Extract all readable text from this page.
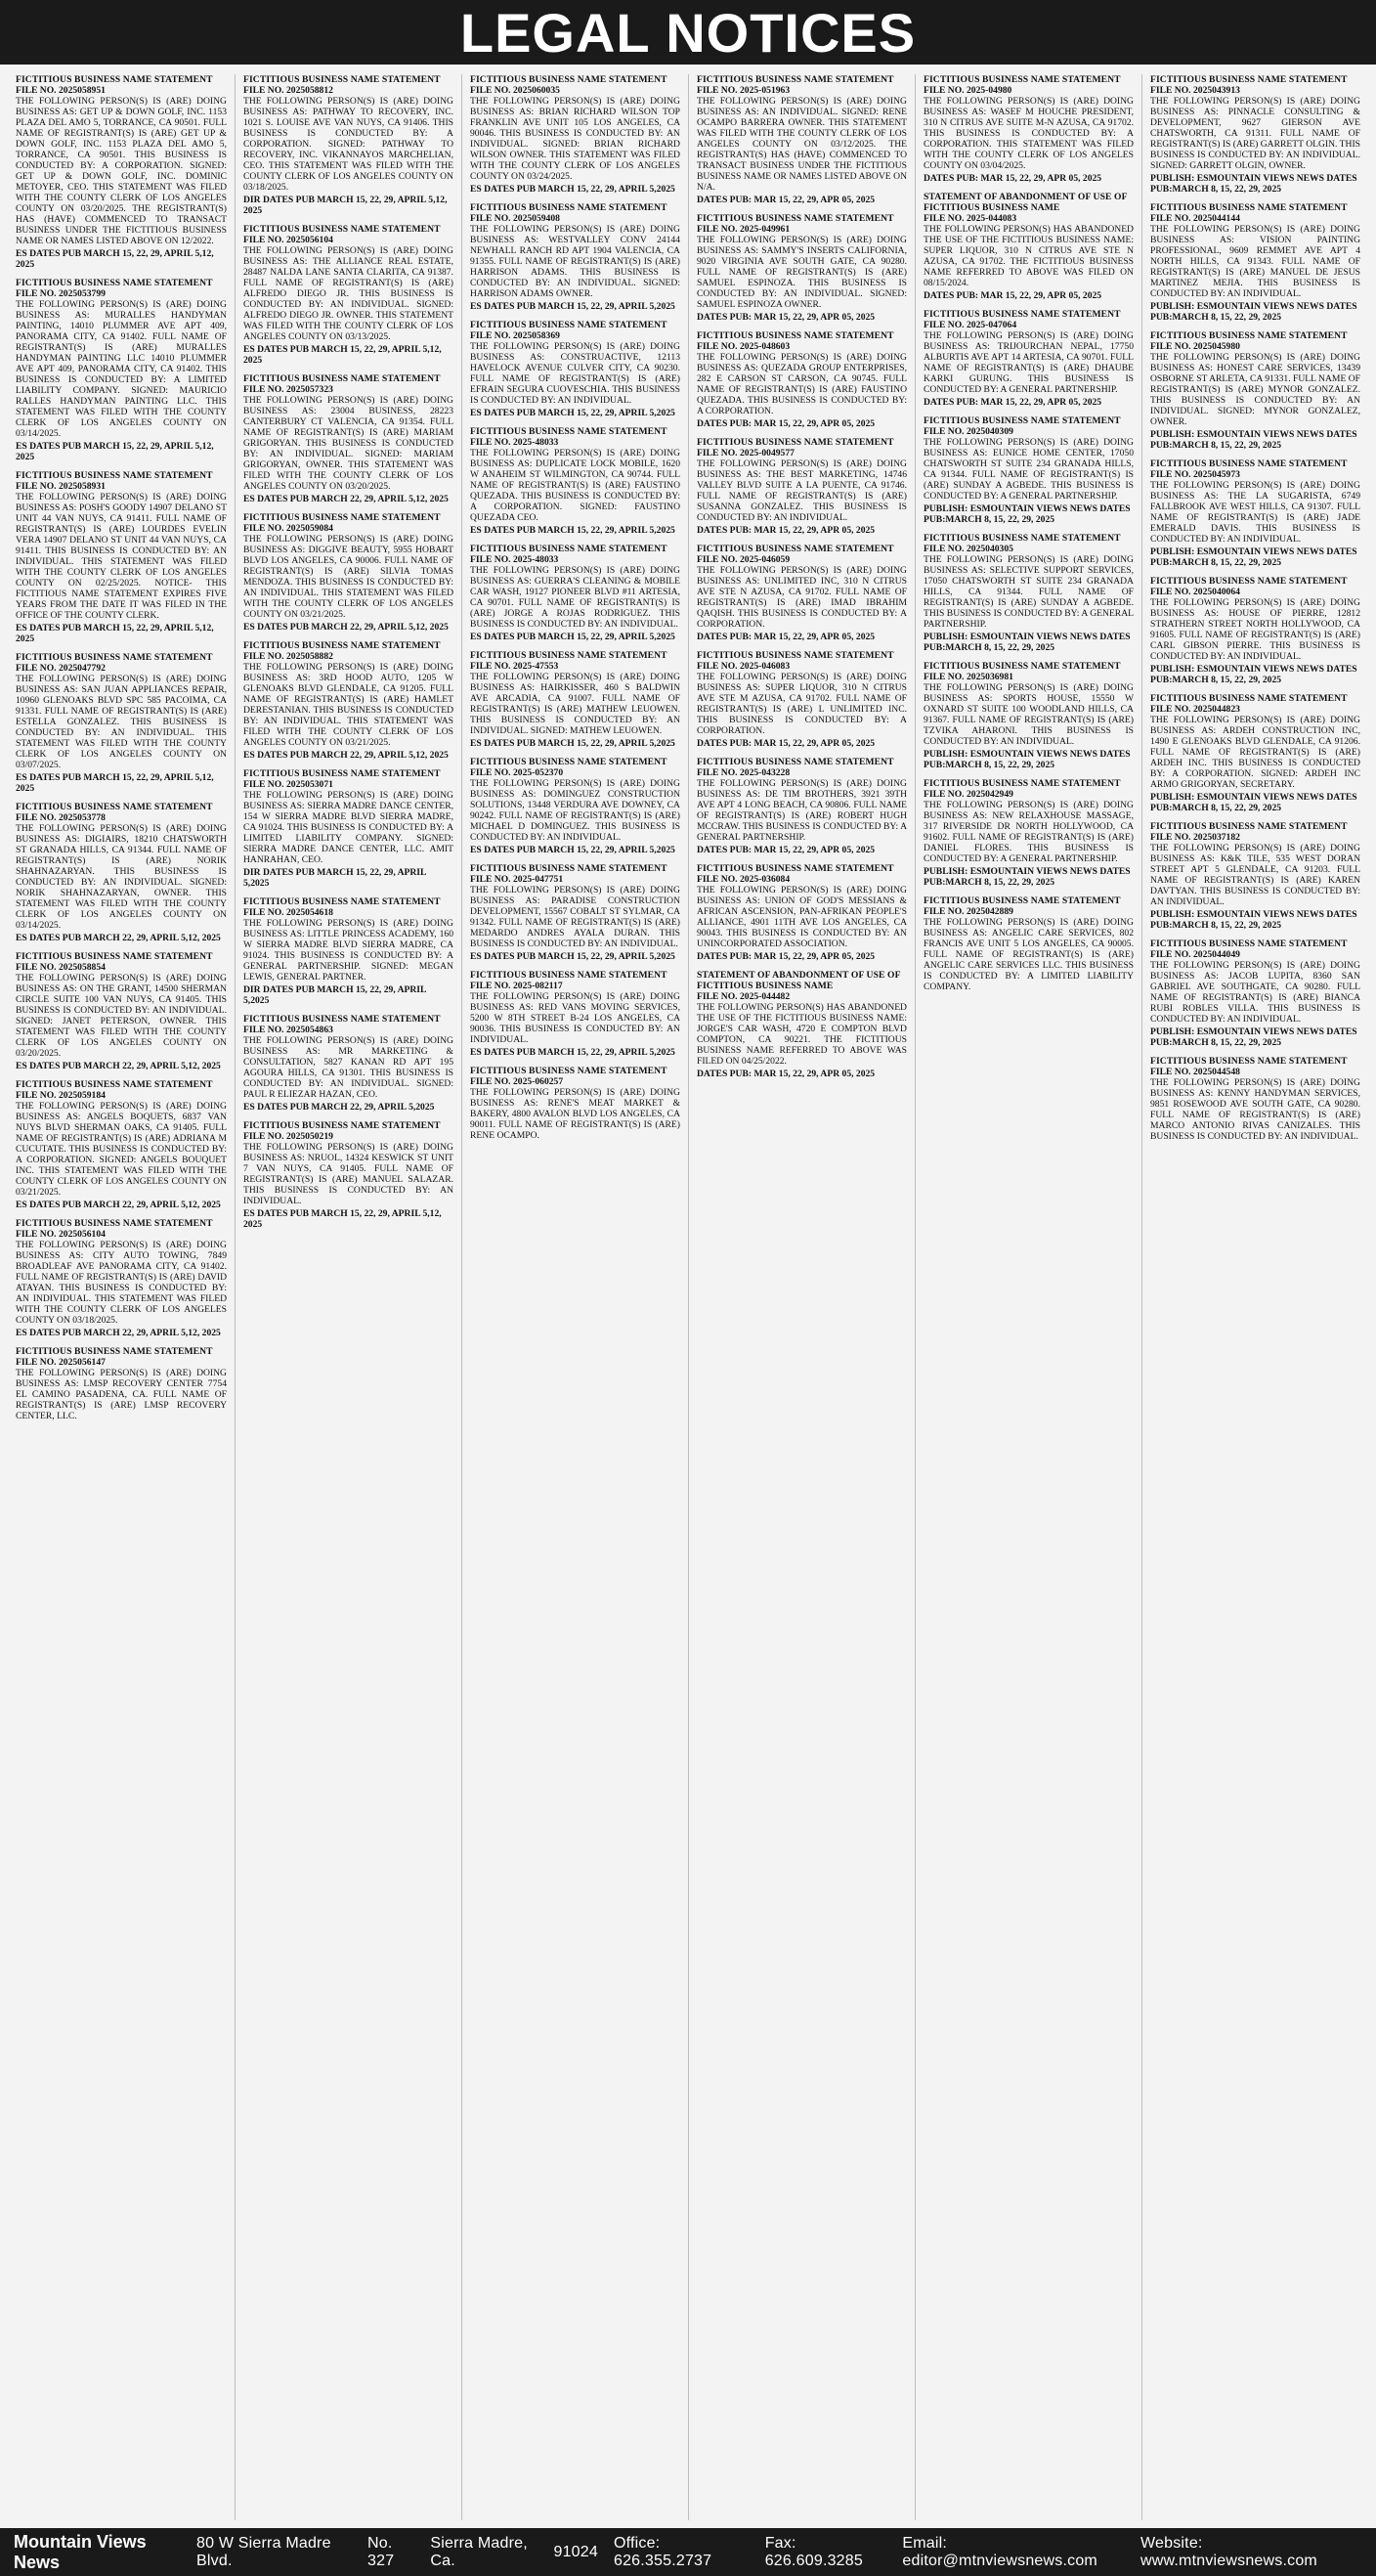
LEGAL NOTICES
FICTITIOUS BUSINESS NAME STATEMENT
FILE NO. 2025058951
THE FOLLOWING PERSON(S) IS (ARE) DOING BUSINESS AS: GET UP & DOWN GOLF, INC. 1153 PLAZA DEL AMO 5, TORRANCE, CA 90501. FULL NAME OF REGISTRANT(S) IS (ARE) GET UP & DOWN GOLF, INC. 1153 PLAZA DEL AMO 5, TORRANCE, CA 90501. THIS BUSINESS IS CONDUCTED BY: A CORPORATION. SIGNED: GET UP & DOWN GOLF, INC. DOMINIC METOYER, CEO. THIS STATEMENT WAS FILED WITH THE COUNTY CLERK OF LOS ANGELES COUNTY ON 03/20/2025. THE REGISTRANT(S) HAS (HAVE) COMMENCED TO TRANSACT BUSINESS UNDER THE FICTITIOUS BUSINESS NAME OR NAMES LISTED ABOVE ON 12/2022.
ES DATES PUB MARCH 15, 22, 29, APRIL 5,12, 2025
FICTITIOUS BUSINESS NAME STATEMENT
FILE NO. 2025053799
THE FOLLOWING PERSON(S) IS (ARE) DOING BUSINESS AS: MURALLES HANDYMAN PAINTING, 14010 PLUMMER AVE APT 409, PANORAMA CITY, CA 91402. FULL NAME OF REGISTRANT(S) IS (ARE) MURALLES HANDYMAN PAINTING LLC 14010 PLUMMER AVE APT 409, PANORAMA CITY, CA 91402. THIS BUSINESS IS CONDUCTED BY: A LIMITED LIABILITY COMPANY. SIGNED: MAURICIO RALLES HANDYMAN PAINTING LLC. THIS STATEMENT WAS FILED WITH THE COUNTY CLERK OF LOS ANGELES COUNTY ON 03/14/2025.
ES DATES PUB MARCH 15, 22, 29, APRIL 5,12, 2025
FICTITIOUS BUSINESS NAME STATEMENT
FILE NO. 2025058931
THE FOLLOWING PERSON(S) IS (ARE) DOING BUSINESS AS: POSH'S GOODY 14907 DELANO ST UNIT 44 VAN NUYS, CA 91411. FULL NAME OF REGISTRANT(S) IS (ARE) LOURDES EVELIN VERA 14907 DELANO ST UNIT 44 VAN NUYS, CA 91411. THIS BUSINESS IS CONDUCTED BY: AN INDIVIDUAL. THIS STATEMENT WAS FILED WITH THE COUNTY CLERK OF LOS ANGELES COUNTY ON 02/25/2025. NOTICE- THIS FICTITIOUS NAME STATEMENT EXPIRES FIVE YEARS FROM THE DATE IT WAS FILED IN THE OFFICE OF THE COUNTY CLERK.
ES DATES PUB MARCH 15, 22, 29, APRIL 5,12, 2025
FICTITIOUS BUSINESS NAME STATEMENT
FILE NO. 2025047792
THE FOLLOWING PERSON(S) IS (ARE) DOING BUSINESS AS: SAN JUAN APPLIANCES REPAIR, 10960 GLENOAKS BLVD SPC 585 PACOIMA, CA 91331. FULL NAME OF REGISTRANT(S) IS (ARE) ESTELLA GONZALEZ. THIS BUSINESS IS CONDUCTED BY: AN INDIVIDUAL. THIS STATEMENT WAS FILED WITH THE COUNTY CLERK OF LOS ANGELES COUNTY ON 03/07/2025.
ES DATES PUB MARCH 15, 22, 29, APRIL 5,12, 2025
FICTITIOUS BUSINESS NAME STATEMENT
FILE NO. 2025053778
THE FOLLOWING PERSON(S) IS (ARE) DOING BUSINESS AS: DIGIAIRS, 18210 CHATSWORTH ST GRANADA HILLS, CA 91344. FULL NAME OF REGISTRANT(S) IS (ARE) NORIK SHAHNAZARYAN. THIS BUSINESS IS CONDUCTED BY: AN INDIVIDUAL. SIGNED: NORIK SHAHNAZARYAN, OWNER. THIS STATEMENT WAS FILED WITH THE COUNTY CLERK OF LOS ANGELES COUNTY ON 03/14/2025.
ES DATES PUB MARCH 22, 29, APRIL 5,12, 2025
FICTITIOUS BUSINESS NAME STATEMENT
FILE NO. 2025058854
THE FOLLOWING PERSON(S) IS (ARE) DOING BUSINESS AS: ON THE GRANT, 14500 SHERMAN CIRCLE SUITE 100 VAN NUYS, CA 91405. THIS BUSINESS IS CONDUCTED BY: AN INDIVIDUAL. SIGNED: JANET PETERSON, OWNER. THIS STATEMENT WAS FILED WITH THE COUNTY CLERK OF LOS ANGELES COUNTY ON 03/20/2025.
ES DATES PUB MARCH 22, 29, APRIL 5,12, 2025
FICTITIOUS BUSINESS NAME STATEMENT
FILE NO. 2025059184
THE FOLLOWING PERSON(S) IS (ARE) DOING BUSINESS AS: ANGELS BOQUETS, 6837 VAN NUYS BLVD SHERMAN OAKS, CA 91405. FULL NAME OF REGISTRANT(S) IS (ARE) ADRIANA M CUCUTATE. THIS BUSINESS IS CONDUCTED BY: A CORPORATION. SIGNED: ANGELS BOUQUET INC. THIS STATEMENT WAS FILED WITH THE COUNTY CLERK OF LOS ANGELES COUNTY ON 03/21/2025.
ES DATES PUB MARCH 22, 29, APRIL 5,12, 2025
FICTITIOUS BUSINESS NAME STATEMENT
FILE NO. 2025056104
THE FOLLOWING PERSON(S) IS (ARE) DOING BUSINESS AS: CITY AUTO TOWING, 7849 BROADLEAF AVE PANORAMA CITY, CA 91402. FULL NAME OF REGISTRANT(S) IS (ARE) DAVID ATAYAN. THIS BUSINESS IS CONDUCTED BY: AN INDIVIDUAL. THIS STATEMENT WAS FILED WITH THE COUNTY CLERK OF LOS ANGELES COUNTY ON 03/18/2025.
ES DATES PUB MARCH 22, 29, APRIL 5,12, 2025
FICTITIOUS BUSINESS NAME STATEMENT
FILE NO. 2025056147
THE FOLLOWING PERSON(S) IS (ARE) DOING BUSINESS AS: LMSP RECOVERY CENTER 7754 EL CAMINO PASADENA, CA. FULL NAME OF REGISTRANT(S) IS (ARE) LMSP RECOVERY CENTER, LLC.
FICTITIOUS BUSINESS NAME STATEMENT
FILE NO. 2025058812
THE FOLLOWING PERSON(S) IS (ARE) DOING BUSINESS AS: PATHWAY TO RECOVERY, INC. 1021 S. LOUISE AVE VAN NUYS, CA 91406. THIS BUSINESS IS CONDUCTED BY: A CORPORATION. SIGNED: PATHWAY TO RECOVERY, INC. VIKANNAYOS MARCHELIAN, CEO. THIS STATEMENT WAS FILED WITH THE COUNTY CLERK OF LOS ANGELES COUNTY ON 03/18/2025.
DIR DATES PUB MARCH 15, 22, 29, APRIL 5,12, 2025
FICTITIOUS BUSINESS NAME STATEMENT
FILE NO. 2025056104
THE FOLLOWING PERSON(S) IS (ARE) DOING BUSINESS AS: THE ALLIANCE REAL ESTATE, 28487 NALDA LANE SANTA CLARITA, CA 91387. FULL NAME OF REGISTRANT(S) IS (ARE) ALFREDO DIEGO JR. THIS BUSINESS IS CONDUCTED BY: AN INDIVIDUAL. SIGNED: ALFREDO DIEGO JR. OWNER. THIS STATEMENT WAS FILED WITH THE COUNTY CLERK OF LOS ANGELES COUNTY ON 03/13/2025.
ES DATES PUB MARCH 15, 22, 29, APRIL 5,12, 2025
FICTITIOUS BUSINESS NAME STATEMENT
FILE NO. 2025057323
THE FOLLOWING PERSON(S) IS (ARE) DOING BUSINESS AS: 23004 BUSINESS, 28223 CANTERBURY CT VALENCIA, CA 91354. FULL NAME OF REGISTRANT(S) IS (ARE) MARIAM GRIGORYAN. THIS BUSINESS IS CONDUCTED BY: AN INDIVIDUAL. SIGNED: MARIAM GRIGORYAN, OWNER. THIS STATEMENT WAS FILED WITH THE COUNTY CLERK OF LOS ANGELES COUNTY ON 03/20/2025.
ES DATES PUB MARCH 22, 29, APRIL 5,12, 2025
FICTITIOUS BUSINESS NAME STATEMENT
FILE NO. 2025059084
THE FOLLOWING PERSON(S) IS (ARE) DOING BUSINESS AS: DIGGIVE BEAUTY, 5955 HOBART BLVD LOS ANGELES, CA 90006. FULL NAME OF REGISTRANT(S) IS (ARE) SILVIA TOMAS MENDOZA. THIS BUSINESS IS CONDUCTED BY: AN INDIVIDUAL. THIS STATEMENT WAS FILED WITH THE COUNTY CLERK OF LOS ANGELES COUNTY ON 03/21/2025.
ES DATES PUB MARCH 22, 29, APRIL 5,12, 2025
FICTITIOUS BUSINESS NAME STATEMENT
FILE NO. 2025058882
THE FOLLOWING PERSON(S) IS (ARE) DOING BUSINESS AS: 3RD HOOD AUTO, 1205 W GLENOAKS BLVD GLENDALE, CA 91205. FULL NAME OF REGISTRANT(S) IS (ARE) HAMLET DERESTANIAN. THIS BUSINESS IS CONDUCTED BY: AN INDIVIDUAL. THIS STATEMENT WAS FILED WITH THE COUNTY CLERK OF LOS ANGELES COUNTY ON 03/21/2025.
ES DATES PUB MARCH 22, 29, APRIL 5,12, 2025
FICTITIOUS BUSINESS NAME STATEMENT
FILE NO. 2025053071
THE FOLLOWING PERSON(S) IS (ARE) DOING BUSINESS AS: SIERRA MADRE DANCE CENTER, 154 W SIERRA MADRE BLVD SIERRA MADRE, CA 91024. THIS BUSINESS IS CONDUCTED BY: A LIMITED LIABILITY COMPANY. SIGNED: SIERRA MADRE DANCE CENTER, LLC. AMIT HANRAHAN, CEO.
DIR DATES PUB MARCH 15, 22, 29, APRIL 5,2025
FICTITIOUS BUSINESS NAME STATEMENT
FILE NO. 2025054618
THE FOLLOWING PERSON(S) IS (ARE) DOING BUSINESS AS: LITTLE PRINCESS ACADEMY, 160 W SIERRA MADRE BLVD SIERRA MADRE, CA 91024. THIS BUSINESS IS CONDUCTED BY: A GENERAL PARTNERSHIP. SIGNED: MEGAN LEWIS, GENERAL PARTNER.
DIR DATES PUB MARCH 15, 22, 29, APRIL 5,2025
FICTITIOUS BUSINESS NAME STATEMENT
FILE NO. 2025054863
THE FOLLOWING PERSON(S) IS (ARE) DOING BUSINESS AS: MR MARKETING & CONSULTATION, 5827 KANAN RD APT 195 AGOURA HILLS, CA 91301. THIS BUSINESS IS CONDUCTED BY: AN INDIVIDUAL. SIGNED: PAUL R ELIEZAR HAZAN, CEO.
ES DATES PUB MARCH 22, 29, APRIL 5,2025
FICTITIOUS BUSINESS NAME STATEMENT
FILE NO. 2025050219
THE FOLLOWING PERSON(S) IS (ARE) DOING BUSINESS AS: NRUOL, 14324 KESWICK ST UNIT 7 VAN NUYS, CA 91405. FULL NAME OF REGISTRANT(S) IS (ARE) MANUEL SALAZAR. THIS BUSINESS IS CONDUCTED BY: AN INDIVIDUAL.
ES DATES PUB MARCH 15, 22, 29, APRIL 5,12, 2025
FICTITIOUS BUSINESS NAME STATEMENT
FILE NO. 2025060035
THE FOLLOWING PERSON(S) IS (ARE) DOING BUSINESS AS: BRIAN RICHARD WILSON TOP FRANKLIN AVE UNIT 105 LOS ANGELES, CA 90046. THIS BUSINESS IS CONDUCTED BY: AN INDIVIDUAL. SIGNED: BRIAN RICHARD WILSON OWNER. THIS STATEMENT WAS FILED WITH THE COUNTY CLERK OF LOS ANGELES COUNTY ON 03/24/2025.
ES DATES PUB MARCH 15, 22, 29, APRIL 5,2025
FICTITIOUS BUSINESS NAME STATEMENT
FILE NO. 2025059408
THE FOLLOWING PERSON(S) IS (ARE) DOING BUSINESS AS: WESTVALLEY CONV 24144 NEWHALL RANCH RD APT 1904 VALENCIA, CA 91355. FULL NAME OF REGISTRANT(S) IS (ARE) HARRISON ADAMS. THIS BUSINESS IS CONDUCTED BY: AN INDIVIDUAL. SIGNED: HARRISON ADAMS OWNER.
ES DATES PUB MARCH 15, 22, 29, APRIL 5,2025
FICTITIOUS BUSINESS NAME STATEMENT
FILE NO. 2025058369
THE FOLLOWING PERSON(S) IS (ARE) DOING BUSINESS AS: CONSTRUACTIVE, 12113 HAVELOCK AVENUE CULVER CITY, CA 90230. FULL NAME OF REGISTRANT(S) IS (ARE) EFRAIN SEGURA CUOVESCHIA. THIS BUSINESS IS CONDUCTED BY: AN INDIVIDUAL.
ES DATES PUB MARCH 15, 22, 29, APRIL 5,2025
FICTITIOUS BUSINESS NAME STATEMENT
FILE NO. 2025-48033
THE FOLLOWING PERSON(S) IS (ARE) DOING BUSINESS AS: DUPLICATE LOCK MOBILE, 1620 W ANAHEIM ST WILMINGTON, CA 90744. FULL NAME OF REGISTRANT(S) IS (ARE) FAUSTINO QUEZADA. THIS BUSINESS IS CONDUCTED BY: A CORPORATION. SIGNED: FAUSTINO QUEZADA CEO.
ES DATES PUB MARCH 15, 22, 29, APRIL 5,2025
FICTITIOUS BUSINESS NAME STATEMENT
FILE NO. 2025-48033
THE FOLLOWING PERSON(S) IS (ARE) DOING BUSINESS AS: GUERRA'S CLEANING & MOBILE CAR WASH, 19127 PIONEER BLVD #11 ARTESIA, CA 90701. FULL NAME OF REGISTRANT(S) IS (ARE) JORGE A ROJAS RODRIGUEZ. THIS BUSINESS IS CONDUCTED BY: AN INDIVIDUAL.
ES DATES PUB MARCH 15, 22, 29, APRIL 5,2025
FICTITIOUS BUSINESS NAME STATEMENT
FILE NO. 2025-47553
THE FOLLOWING PERSON(S) IS (ARE) DOING BUSINESS AS: HAIRKISSER, 460 S BALDWIN AVE ARCADIA, CA 91007. FULL NAME OF REGISTRANT(S) IS (ARE) MATHEW LEUOWEN. THIS BUSINESS IS CONDUCTED BY: AN INDIVIDUAL. SIGNED: MATHEW LEUOWEN.
ES DATES PUB MARCH 15, 22, 29, APRIL 5,2025
FICTITIOUS BUSINESS NAME STATEMENT
FILE NO. 2025-052370
THE FOLLOWING PERSON(S) IS (ARE) DOING BUSINESS AS: DOMINGUEZ CONSTRUCTION SOLUTIONS, 13448 VERDURA AVE DOWNEY, CA 90242. FULL NAME OF REGISTRANT(S) IS (ARE) MICHAEL D DOMINGUEZ. THIS BUSINESS IS CONDUCTED BY: AN INDIVIDUAL.
ES DATES PUB MARCH 15, 22, 29, APRIL 5,2025
FICTITIOUS BUSINESS NAME STATEMENT
FILE NO. 2025-047751
THE FOLLOWING PERSON(S) IS (ARE) DOING BUSINESS AS: PARADISE CONSTRUCTION DEVELOPMENT, 15567 COBALT ST SYLMAR, CA 91342. FULL NAME OF REGISTRANT(S) IS (ARE) MEDARDO ANDRES AYALA DURAN. THIS BUSINESS IS CONDUCTED BY: AN INDIVIDUAL.
ES DATES PUB MARCH 15, 22, 29, APRIL 5,2025
FICTITIOUS BUSINESS NAME STATEMENT
FILE NO. 2025-082117
THE FOLLOWING PERSON(S) IS (ARE) DOING BUSINESS AS: RED VANS MOVING SERVICES, 5200 W 8TH STREET B-24 LOS ANGELES, CA 90036. THIS BUSINESS IS CONDUCTED BY: AN INDIVIDUAL.
ES DATES PUB MARCH 15, 22, 29, APRIL 5,2025
FICTITIOUS BUSINESS NAME STATEMENT
FILE NO. 2025-060257
THE FOLLOWING PERSON(S) IS (ARE) DOING BUSINESS AS: RENE'S MEAT MARKET & BAKERY, 4800 AVALON BLVD LOS ANGELES, CA 90011. FULL NAME OF REGISTRANT(S) IS (ARE) RENE OCAMPO.
FICTITIOUS BUSINESS NAME STATEMENT
FILE NO. 2025-051963
THE FOLLOWING PERSON(S) IS (ARE) DOING BUSINESS AS: AN INDIVIDUAL. SIGNED: RENE OCAMPO BARRERA OWNER. THIS STATEMENT WAS FILED WITH THE COUNTY CLERK OF LOS ANGELES COUNTY ON 03/12/2025. THE REGISTRANT(S) HAS (HAVE) COMMENCED TO TRANSACT BUSINESS UNDER THE FICTITIOUS BUSINESS NAME OR NAMES LISTED ABOVE ON N/A.
DATES PUB: MAR 15, 22, 29, APR 05, 2025
FICTITIOUS BUSINESS NAME STATEMENT
FILE NO. 2025-049961
THE FOLLOWING PERSON(S) IS (ARE) DOING BUSINESS AS: SAMMY'S INSERTS CALIFORNIA, 9020 VIRGINIA AVE SOUTH GATE, CA 90280. FULL NAME OF REGISTRANT(S) IS (ARE) SAMUEL ESPINOZA. THIS BUSINESS IS CONDUCTED BY: AN INDIVIDUAL. SIGNED: SAMUEL ESPINOZA OWNER.
DATES PUB: MAR 15, 22, 29, APR 05, 2025
FICTITIOUS BUSINESS NAME STATEMENT
FILE NO. 2025-048603
THE FOLLOWING PERSON(S) IS (ARE) DOING BUSINESS AS: QUEZADA GROUP ENTERPRISES, 282 E CARSON ST CARSON, CA 90745. FULL NAME OF REGISTRANT(S) IS (ARE) FAUSTINO QUEZADA. THIS BUSINESS IS CONDUCTED BY: A CORPORATION.
DATES PUB: MAR 15, 22, 29, APR 05, 2025
FICTITIOUS BUSINESS NAME STATEMENT
FILE NO. 2025-0049577
THE FOLLOWING PERSON(S) IS (ARE) DOING BUSINESS AS: THE BEST MARKETING, 14746 VALLEY BLVD SUITE A LA PUENTE, CA 91746. FULL NAME OF REGISTRANT(S) IS (ARE) SUSANNA GONZALEZ. THIS BUSINESS IS CONDUCTED BY: AN INDIVIDUAL.
DATES PUB: MAR 15, 22, 29, APR 05, 2025
FICTITIOUS BUSINESS NAME STATEMENT
FILE NO. 2025-046059
THE FOLLOWING PERSON(S) IS (ARE) DOING BUSINESS AS: UNLIMITED INC, 310 N CITRUS AVE STE N AZUSA, CA 91702. FULL NAME OF REGISTRANT(S) IS (ARE) IMAD IBRAHIM QAQISH. THIS BUSINESS IS CONDUCTED BY: A CORPORATION.
DATES PUB: MAR 15, 22, 29, APR 05, 2025
FICTITIOUS BUSINESS NAME STATEMENT
FILE NO. 2025-046083
THE FOLLOWING PERSON(S) IS (ARE) DOING BUSINESS AS: SUPER LIQUOR, 310 N CITRUS AVE STE M AZUSA, CA 91702. FULL NAME OF REGISTRANT(S) IS (ARE) L UNLIMITED INC. THIS BUSINESS IS CONDUCTED BY: A CORPORATION.
DATES PUB: MAR 15, 22, 29, APR 05, 2025
FICTITIOUS BUSINESS NAME STATEMENT
FILE NO. 2025-043228
THE FOLLOWING PERSON(S) IS (ARE) DOING BUSINESS AS: DE TIM BROTHERS, 3921 39TH AVE APT 4 LONG BEACH, CA 90806. FULL NAME OF REGISTRANT(S) IS (ARE) ROBERT HUGH MCCRAW. THIS BUSINESS IS CONDUCTED BY: A GENERAL PARTNERSHIP.
DATES PUB: MAR 15, 22, 29, APR 05, 2025
FICTITIOUS BUSINESS NAME STATEMENT
FILE NO. 2025-036084
THE FOLLOWING PERSON(S) IS (ARE) DOING BUSINESS AS: UNION OF GOD'S MESSIANS & AFRICAN ASCENSION, PAN-AFRIKAN PEOPLE'S ALLIANCE, 4901 11TH AVE LOS ANGELES, CA 90043. THIS BUSINESS IS CONDUCTED BY: AN UNINCORPORATED ASSOCIATION.
DATES PUB: MAR 15, 22, 29, APR 05, 2025
STATEMENT OF ABANDONMENT OF USE OF FICTITIOUS BUSINESS NAME
FILE NO. 2025-044482
THE FOLLOWING PERSON(S) HAS ABANDONED THE USE OF THE FICTITIOUS BUSINESS NAME: JORGE'S CAR WASH, 4720 E COMPTON BLVD COMPTON, CA 90221. THE FICTITIOUS BUSINESS NAME REFERRED TO ABOVE WAS FILED ON 04/25/2022.
DATES PUB: MAR 15, 22, 29, APR 05, 2025
FICTITIOUS BUSINESS NAME STATEMENT
FILE NO. 2025-04980
THE FOLLOWING PERSON(S) IS (ARE) DOING BUSINESS AS: WASEF M HOUCHE PRESIDENT, 310 N CITRUS AVE SUITE M-N AZUSA, CA 91702. THIS BUSINESS IS CONDUCTED BY: A CORPORATION. THIS STATEMENT WAS FILED WITH THE COUNTY CLERK OF LOS ANGELES COUNTY ON 03/04/2025.
DATES PUB: MAR 15, 22, 29, APR 05, 2025
STATEMENT OF ABANDONMENT OF USE OF FICTITIOUS BUSINESS NAME
FILE NO. 2025-044083
THE FOLLOWING PERSON(S) HAS ABANDONED THE USE OF THE FICTITIOUS BUSINESS NAME: SUPER LIQUOR, 310 N CITRUS AVE STE N AZUSA, CA 91702. THE FICTITIOUS BUSINESS NAME REFERRED TO ABOVE WAS FILED ON 08/15/2024.
DATES PUB: MAR 15, 22, 29, APR 05, 2025
FICTITIOUS BUSINESS NAME STATEMENT
FILE NO. 2025-047064
THE FOLLOWING PERSON(S) IS (ARE) DOING BUSINESS AS: TRIJOURCHAN NEPAL, 17750 ALBURTIS AVE APT 14 ARTESIA, CA 90701. FULL NAME OF REGISTRANT(S) IS (ARE) DHAUBE KARKI GURUNG. THIS BUSINESS IS CONDUCTED BY: A GENERAL PARTNERSHIP.
DATES PUB: MAR 15, 22, 29, APR 05, 2025
FICTITIOUS BUSINESS NAME STATEMENT
FILE NO. 2025040309
THE FOLLOWING PERSON(S) IS (ARE) DOING BUSINESS AS: EUNICE HOME CENTER, 17050 CHATSWORTH ST SUITE 234 GRANADA HILLS, CA 91344. FULL NAME OF REGISTRANT(S) IS (ARE) SUNDAY A AGBEDE. THIS BUSINESS IS CONDUCTED BY: A GENERAL PARTNERSHIP.
PUBLISH: ESMOUNTAIN VIEWS NEWS DATES PUB:MARCH 8, 15, 22, 29, 2025
FICTITIOUS BUSINESS NAME STATEMENT
FILE NO. 2025040305
THE FOLLOWING PERSON(S) IS (ARE) DOING BUSINESS AS: SELECTIVE SUPPORT SERVICES, 17050 CHATSWORTH ST SUITE 234 GRANADA HILLS, CA 91344. FULL NAME OF REGISTRANT(S) IS (ARE) SUNDAY A AGBEDE. THIS BUSINESS IS CONDUCTED BY: A GENERAL PARTNERSHIP.
PUBLISH: ESMOUNTAIN VIEWS NEWS DATES PUB:MARCH 8, 15, 22, 29, 2025
FICTITIOUS BUSINESS NAME STATEMENT
FILE NO. 2025036981
THE FOLLOWING PERSON(S) IS (ARE) DOING BUSINESS AS: SPORTS HOUSE, 15550 W OXNARD ST SUITE 100 WOODLAND HILLS, CA 91367. FULL NAME OF REGISTRANT(S) IS (ARE) TZVIKA AHARONI. THIS BUSINESS IS CONDUCTED BY: AN INDIVIDUAL.
PUBLISH: ESMOUNTAIN VIEWS NEWS DATES PUB:MARCH 8, 15, 22, 29, 2025
FICTITIOUS BUSINESS NAME STATEMENT
FILE NO. 2025042949
THE FOLLOWING PERSON(S) IS (ARE) DOING BUSINESS AS: NEW RELAXHOUSE MASSAGE, 317 RIVERSIDE DR NORTH HOLLYWOOD, CA 91602. FULL NAME OF REGISTRANT(S) IS (ARE) DANIEL FLORES. THIS BUSINESS IS CONDUCTED BY: A GENERAL PARTNERSHIP.
PUBLISH: ESMOUNTAIN VIEWS NEWS DATES PUB:MARCH 8, 15, 22, 29, 2025
FICTITIOUS BUSINESS NAME STATEMENT
FILE NO. 2025042889
THE FOLLOWING PERSON(S) IS (ARE) DOING BUSINESS AS: ANGELIC CARE SERVICES, 802 FRANCIS AVE UNIT 5 LOS ANGELES, CA 90005. FULL NAME OF REGISTRANT(S) IS (ARE) ANGELIC CARE SERVICES LLC. THIS BUSINESS IS CONDUCTED BY: A LIMITED LIABILITY COMPANY.
FICTITIOUS BUSINESS NAME STATEMENT
FILE NO. 2025043913
THE FOLLOWING PERSON(S) IS (ARE) DOING BUSINESS AS: PINNACLE CONSULTING & DEVELOPMENT, 9627 GIERSON AVE CHATSWORTH, CA 91311. FULL NAME OF REGISTRANT(S) IS (ARE) GARRETT OLGIN. THIS BUSINESS IS CONDUCTED BY: AN INDIVIDUAL. SIGNED: GARRETT OLGIN, OWNER.
PUBLISH: ESMOUNTAIN VIEWS NEWS DATES PUB:MARCH 8, 15, 22, 29, 2025
FICTITIOUS BUSINESS NAME STATEMENT
FILE NO. 2025044144
THE FOLLOWING PERSON(S) IS (ARE) DOING BUSINESS AS: VISION PAINTING PROFESSIONAL, 9609 REMMET AVE APT 4 NORTH HILLS, CA 91343. FULL NAME OF REGISTRANT(S) IS (ARE) MANUEL DE JESUS MARTINEZ MEJIA. THIS BUSINESS IS CONDUCTED BY: AN INDIVIDUAL.
PUBLISH: ESMOUNTAIN VIEWS NEWS DATES PUB:MARCH 8, 15, 22, 29, 2025
FICTITIOUS BUSINESS NAME STATEMENT
FILE NO. 2025045980
THE FOLLOWING PERSON(S) IS (ARE) DOING BUSINESS AS: HONEST CARE SERVICES, 13439 OSBORNE ST ARLETA, CA 91331. FULL NAME OF REGISTRANT(S) IS (ARE) MYNOR GONZALEZ. THIS BUSINESS IS CONDUCTED BY: AN INDIVIDUAL. SIGNED: MYNOR GONZALEZ, OWNER.
PUBLISH: ESMOUNTAIN VIEWS NEWS DATES PUB:MARCH 8, 15, 22, 29, 2025
FICTITIOUS BUSINESS NAME STATEMENT
FILE NO. 2025045973
THE FOLLOWING PERSON(S) IS (ARE) DOING BUSINESS AS: THE LA SUGARISTA, 6749 FALLBROOK AVE WEST HILLS, CA 91307. FULL NAME OF REGISTRANT(S) IS (ARE) JADE EMERALD DAVIS. THIS BUSINESS IS CONDUCTED BY: AN INDIVIDUAL.
PUBLISH: ESMOUNTAIN VIEWS NEWS DATES PUB:MARCH 8, 15, 22, 29, 2025
FICTITIOUS BUSINESS NAME STATEMENT
FILE NO. 2025040064
THE FOLLOWING PERSON(S) IS (ARE) DOING BUSINESS AS: HOUSE OF PIERRE, 12812 STRATHERN STREET NORTH HOLLYWOOD, CA 91605. FULL NAME OF REGISTRANT(S) IS (ARE) CARL GIBSON PIERRE. THIS BUSINESS IS CONDUCTED BY: AN INDIVIDUAL.
PUBLISH: ESMOUNTAIN VIEWS NEWS DATES PUB:MARCH 8, 15, 22, 29, 2025
FICTITIOUS BUSINESS NAME STATEMENT
FILE NO. 2025044823
THE FOLLOWING PERSON(S) IS (ARE) DOING BUSINESS AS: ARDEH CONSTRUCTION INC, 1490 E GLENOAKS BLVD GLENDALE, CA 91206. FULL NAME OF REGISTRANT(S) IS (ARE) ARDEH INC. THIS BUSINESS IS CONDUCTED BY: A CORPORATION. SIGNED: ARDEH INC ARMO GRIGORYAN, SECRETARY.
PUBLISH: ESMOUNTAIN VIEWS NEWS DATES PUB:MARCH 8, 15, 22, 29, 2025
FICTITIOUS BUSINESS NAME STATEMENT
FILE NO. 2025037182
THE FOLLOWING PERSON(S) IS (ARE) DOING BUSINESS AS: K&K TILE, 535 WEST DORAN STREET APT 5 GLENDALE, CA 91203. FULL NAME OF REGISTRANT(S) IS (ARE) KAREN DAVTYAN. THIS BUSINESS IS CONDUCTED BY: AN INDIVIDUAL.
PUBLISH: ESMOUNTAIN VIEWS NEWS DATES PUB:MARCH 8, 15, 22, 29, 2025
FICTITIOUS BUSINESS NAME STATEMENT
FILE NO. 2025044049
THE FOLLOWING PERSON(S) IS (ARE) DOING BUSINESS AS: JACOB LUPITA, 8360 SAN GABRIEL AVE SOUTHGATE, CA 90280. FULL NAME OF REGISTRANT(S) IS (ARE) BIANCA RUBI ROBLES VILLA. THIS BUSINESS IS CONDUCTED BY: AN INDIVIDUAL.
PUBLISH: ESMOUNTAIN VIEWS NEWS DATES PUB:MARCH 8, 15, 22, 29, 2025
FICTITIOUS BUSINESS NAME STATEMENT
FILE NO. 2025044548
THE FOLLOWING PERSON(S) IS (ARE) DOING BUSINESS AS: KENNY HANDYMAN SERVICES, 9851 ROSEWOOD AVE SOUTH GATE, CA 90280. FULL NAME OF REGISTRANT(S) IS (ARE) MARCO ANTONIO RIVAS CANIZALES. THIS BUSINESS IS CONDUCTED BY: AN INDIVIDUAL.
Mountain Views News
80 W Sierra Madre Blvd.
No. 327
Sierra Madre, Ca.
91024
Office: 626.355.2737
Fax: 626.609.3285
Email: editor@mtnviewsnews.com
Website: www.mtnviewsnews.com
